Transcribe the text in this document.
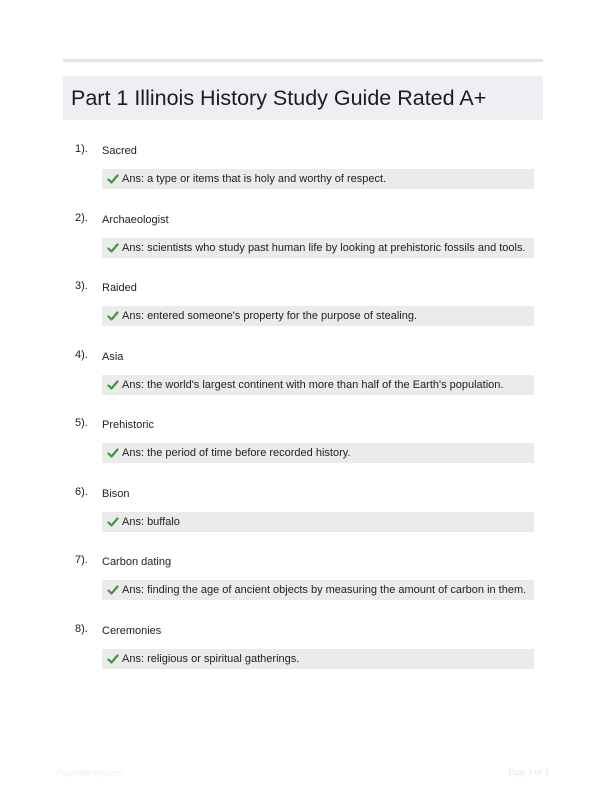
Part 1 Illinois History Study Guide Rated A+
1). Sacred
Ans: a type or items that is holy and worthy of respect.
2). Archaeologist
Ans: scientists who study past human life by looking at prehistoric fossils and tools.
3). Raided
Ans: entered someone's property for the purpose of stealing.
4). Asia
Ans: the world's largest continent with more than half of the Earth's population.
5). Prehistoric
Ans: the period of time before recorded history.
6). Bison
Ans: buffalo
7). Carbon dating
Ans: finding the age of ancient objects by measuring the amount of carbon in them.
8). Ceremonies
Ans: religious or spiritual gatherings.
Paperlibrary.com	Page 1 of 3
